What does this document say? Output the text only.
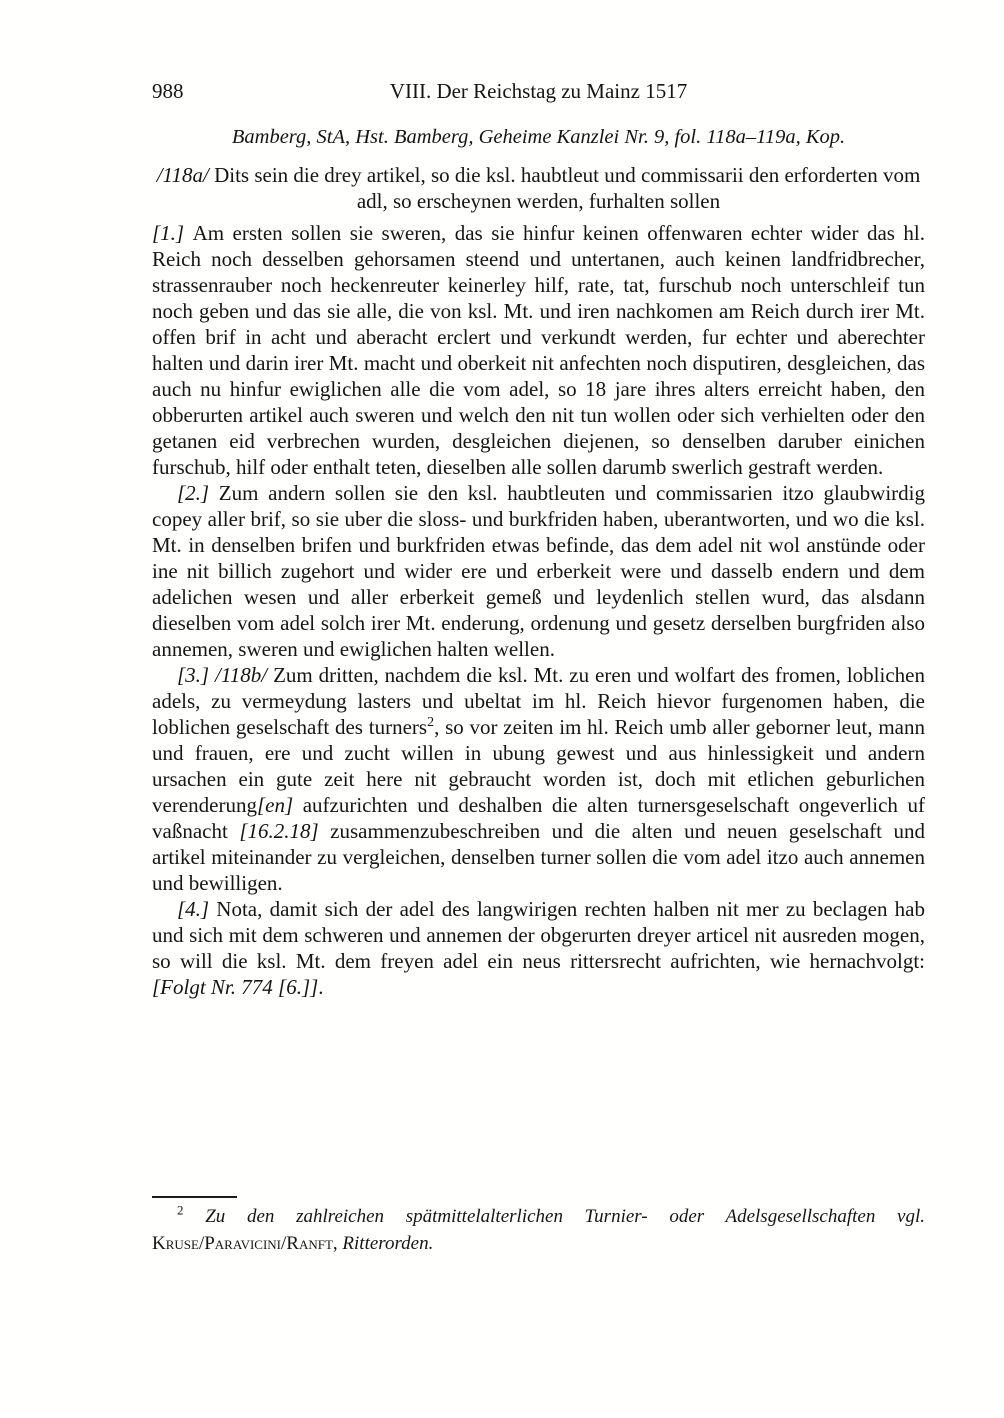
988	VIII. Der Reichstag zu Mainz 1517

Bamberg, StA, Hst. Bamberg, Geheime Kanzlei Nr. 9, fol. 118a–119a, Kop.

/118a/ Dits sein die drey artikel, so die ksl. haubtleut und commissarii den erforderten vom adl, so erscheynen werden, furhalten sollen

[1.] Am ersten sollen sie sweren, das sie hinfur keinen offenwaren echter wider das hl. Reich noch desselben gehorsamen steend und untertanen, auch keinen landfridbrecher, strassenrauber noch heckenreuter keinerley hilf, rate, tat, furschub noch unterschleif tun noch geben und das sie alle, die von ksl. Mt. und iren nachkomen am Reich durch irer Mt. offen brif in acht und aberacht erclert und verkundt werden, fur echter und aberechter halten und darin irer Mt. macht und oberkeit nit anfechten noch disputiren, desgleichen, das auch nu hinfur ewiglichen alle die vom adel, so 18 jare ihres alters erreicht haben, den obberurten artikel auch sweren und welch den nit tun wollen oder sich verhielten oder den getanen eid verbrechen wurden, desgleichen diejenen, so denselben daruber einichen furschub, hilf oder enthalt teten, dieselben alle sollen darumb swerlich gestraft werden.

[2.] Zum andern sollen sie den ksl. haubtleuten und commissarien itzo glaubwirdig copey aller brif, so sie uber die sloss- und burkfriden haben, uberantworten, und wo die ksl. Mt. in denselben brifen und burkfriden etwas befinde, das dem adel nit wol anstünde oder ine nit billich zugehort und wider ere und erberkeit were und dasselb endern und dem adelichen wesen und aller erberkeit gemeß und leydenlich stellen wurd, das alsdann dieselben vom adel solch irer Mt. enderung, ordenung und gesetz derselben burgfriden also annemen, sweren und ewiglichen halten wellen.

[3.] /118b/ Zum dritten, nachdem die ksl. Mt. zu eren und wolfart des fromen, loblichen adels, zu vermeydung lasters und ubeltat im hl. Reich hievor furgenomen haben, die loblichen geselschaft des turners$^2$, so vor zeiten im hl. Reich umb aller geborner leut, mann und frauen, ere und zucht willen in ubung gewest und aus hinlessigkeit und andern ursachen ein gute zeit here nit gebraucht worden ist, doch mit etlichen geburlichen verenderung[en] aufzurichten und deshalben die alten turnersgeselschaft ongeverlich uf vaßnacht [16.2.18] zusammenzubeschreiben und die alten und neuen geselschaft und artikel miteinander zu vergleichen, denselben turner sollen die vom adel itzo auch annemen und bewilligen.

[4.] Nota, damit sich der adel des langwirigen rechten halben nit mer zu beclagen hab und sich mit dem schweren und annemen der obgerurten dreyer articel nit ausreden mogen, so will die ksl. Mt. dem freyen adel ein neus rittersrecht aufrichten, wie hernachvolgt: [Folgt Nr. 774 [6.]].

$^2$ Zu den zahlreichen spätmittelalterlichen Turnier- oder Adelsgesellschaften vgl. Kruse/Paravicini/Ranft, Ritterorden.
